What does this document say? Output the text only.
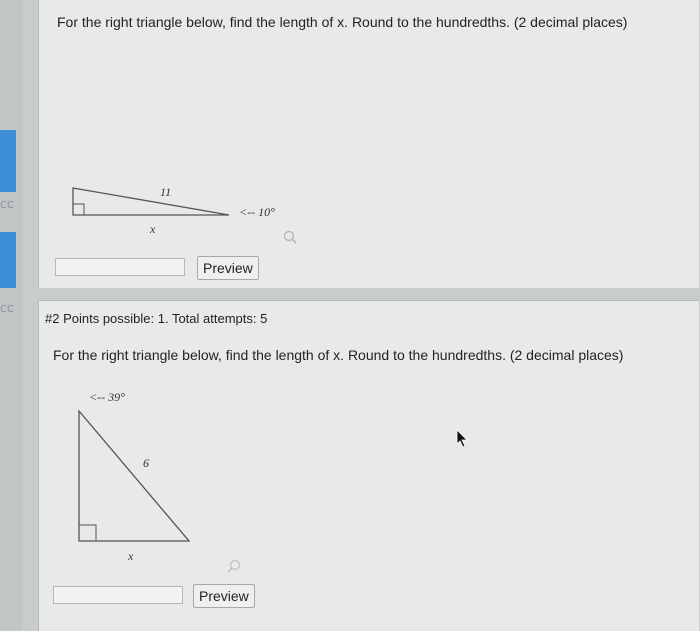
CC
CC
For the right triangle below, find the length of x. Round to the hundredths. (2 decimal places)
11
x
<-- 10°
Preview
#2 Points possible: 1. Total attempts: 5
For the right triangle below, find the length of x. Round to the hundredths. (2 decimal places)
<-- 39°
6
x
Preview
